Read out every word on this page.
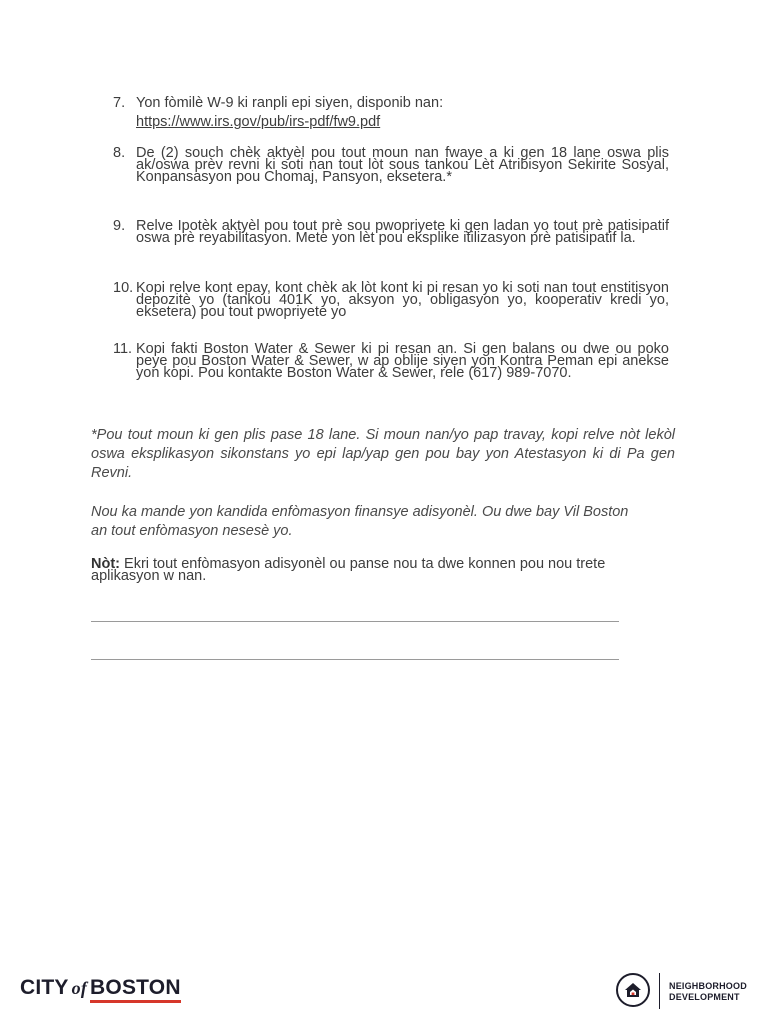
7. Yon fòmilè W-9 ki ranpli epi siyen, disponib nan:
https://www.irs.gov/pub/irs-pdf/fw9.pdf
8. De (2) souch chèk aktyèl pou tout moun nan fwaye a ki gen 18 lane oswa plis ak/oswa prèv revni ki soti nan tout lòt sous tankou Lèt Atribisyon Sekirite Sosyal, Konpansasyon pou Chomaj, Pansyon, eksetera.*
9. Relve Ipotèk aktyèl pou tout prè sou pwopriyete ki gen ladan yo tout prè patisipatif oswa prè reyabilitasyon. Mete yon lèt pou eksplike itilizasyon prè patisipatif la.
10. Kopi relve kont epay, kont chèk ak lòt kont ki pi resan yo ki soti nan tout enstitisyon depozitè yo (tankou 401K yo, aksyon yo, obligasyon yo, kooperativ kredi yo, eksetera) pou tout pwopriyete yo
11. Kopi fakti Boston Water & Sewer ki pi resan an. Si gen balans ou dwe ou poko peye pou Boston Water & Sewer, w ap oblije siyen yon Kontra Peman epi anekse yon kopi. Pou kontakte Boston Water & Sewer, rele (617) 989-7070.
*Pou tout moun ki gen plis pase 18 lane. Si moun nan/yo pap travay, kopi relve nòt lekòl oswa eksplikasyon sikonstans yo epi lap/yap gen pou bay yon Atestasyon ki di Pa gen Revni.
Nou ka mande yon kandida enfòmasyon finansye adisyonèl. Ou dwe bay Vil Boston an tout enfòmasyon nesesè yo.
Nòt: Ekri tout enfòmasyon adisyonèl ou panse nou ta dwe konnen pou nou trete aplikasyon w nan.
CITY of BOSTON	NEIGHBORHOOD
DEVELOPMENT
